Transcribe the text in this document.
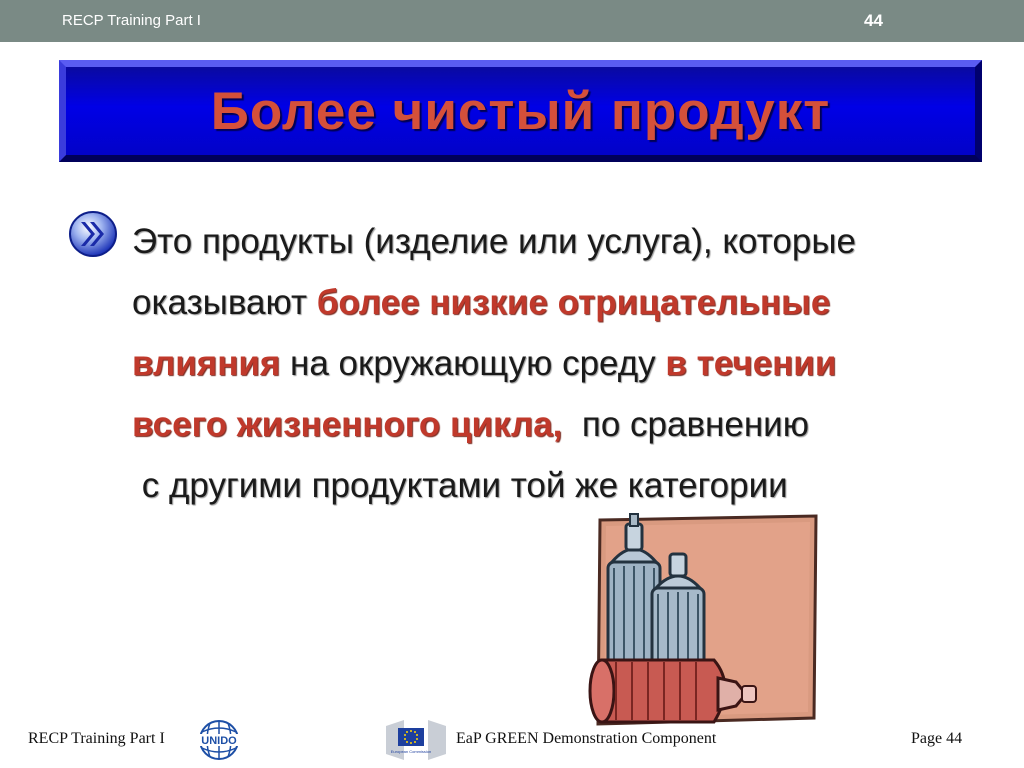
RECP Training Part I	44
Более чистый продукт
Это продукты (изделие или услуга), которые
оказывают более низкие отрицательные
влияния на окружающую среду в течении
всего жизненного цикла,  по сравнению
с другими продуктами той же категории
RECP Training Part I	UNIDO
European Commission
EaP GREEN Demonstration Component	Page 44
